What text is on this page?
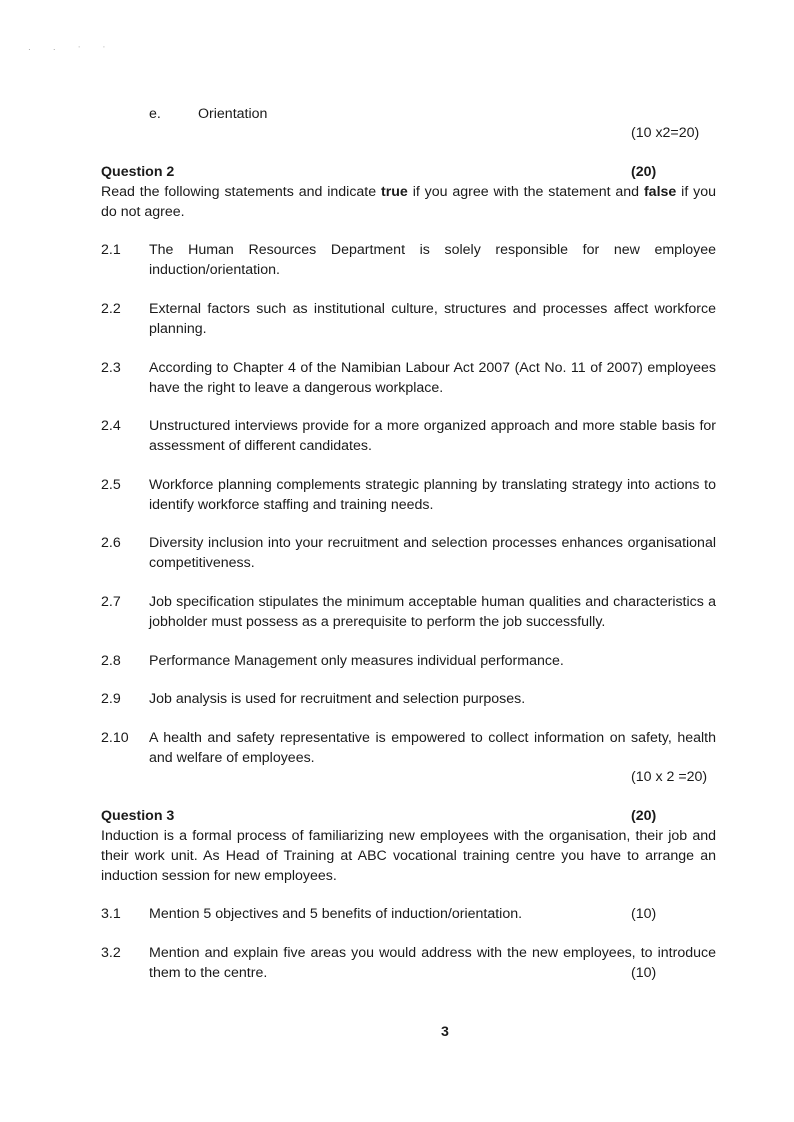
· · ˈ ˈ
e.	Orientation
(10 x2=20)
Question 2	(20)
Read the following statements and indicate true if you agree with the statement and false if you do not agree.
2.1 The Human Resources Department is solely responsible for new employee induction/orientation.
2.2 External factors such as institutional culture, structures and processes affect workforce planning.
2.3 According to Chapter 4 of the Namibian Labour Act 2007 (Act No. 11 of 2007) employees have the right to leave a dangerous workplace.
2.4 Unstructured interviews provide for a more organized approach and more stable basis for assessment of different candidates.
2.5 Workforce planning complements strategic planning by translating strategy into actions to identify workforce staffing and training needs.
2.6 Diversity inclusion into your recruitment and selection processes enhances organisational competitiveness.
2.7 Job specification stipulates the minimum acceptable human qualities and characteristics a jobholder must possess as a prerequisite to perform the job successfully.
2.8 Performance Management only measures individual performance.
2.9 Job analysis is used for recruitment and selection purposes.
2.10 A health and safety representative is empowered to collect information on safety, health and welfare of employees.
(10 x 2 =20)
Question 3	(20)
Induction is a formal process of familiarizing new employees with the organisation, their job and their work unit. As Head of Training at ABC vocational training centre you have to arrange an induction session for new employees.
3.1 Mention 5 objectives and 5 benefits of induction/orientation.	(10)
3.2 Mention and explain five areas you would address with the new employees, to introduce
them to the centre.	(10)
3
